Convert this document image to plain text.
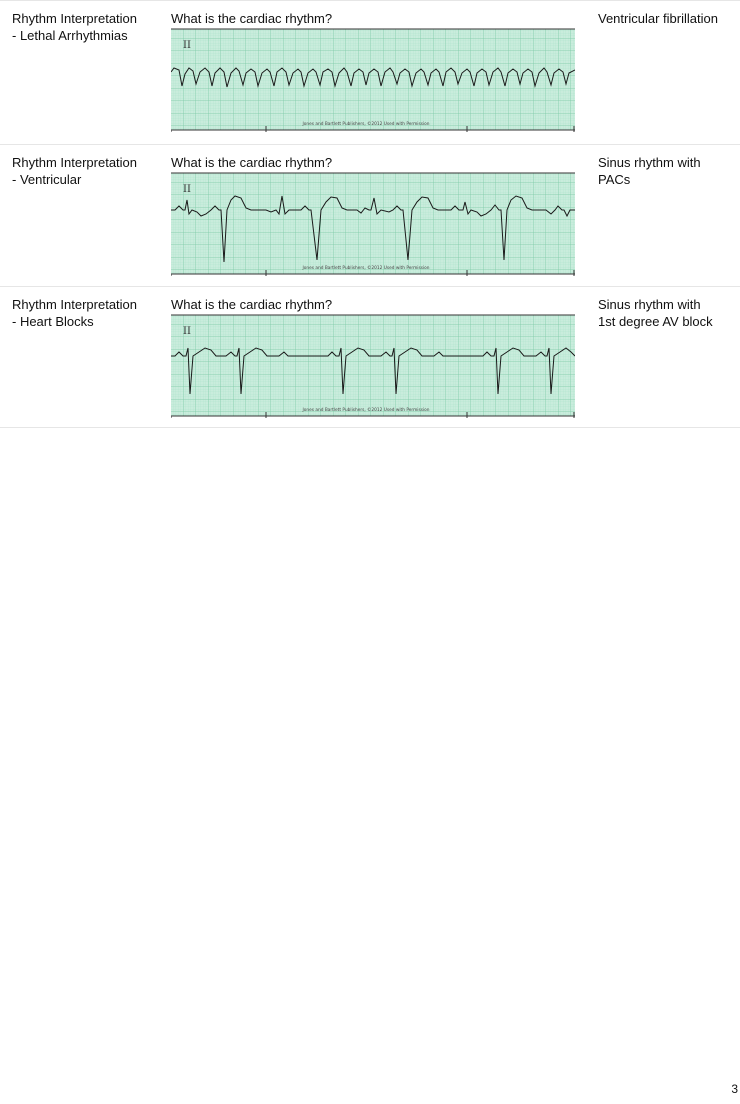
Rhythm Interpretation
- Lethal Arrhythmias
What is the cardiac rhythm?
II
Jones and Bartlett Publishers, ©2012 Used with Permission
Ventricular fibrillation
Rhythm Interpretation
- Ventricular
What is the cardiac rhythm?
II
Jones and Bartlett Publishers, ©2012 Used with Permission
Sinus rhythm with
PACs
Rhythm Interpretation
- Heart Blocks
What is the cardiac rhythm?
II
Jones and Bartlett Publishers, ©2012 Used with Permission
Sinus rhythm with
1st degree AV block
3
